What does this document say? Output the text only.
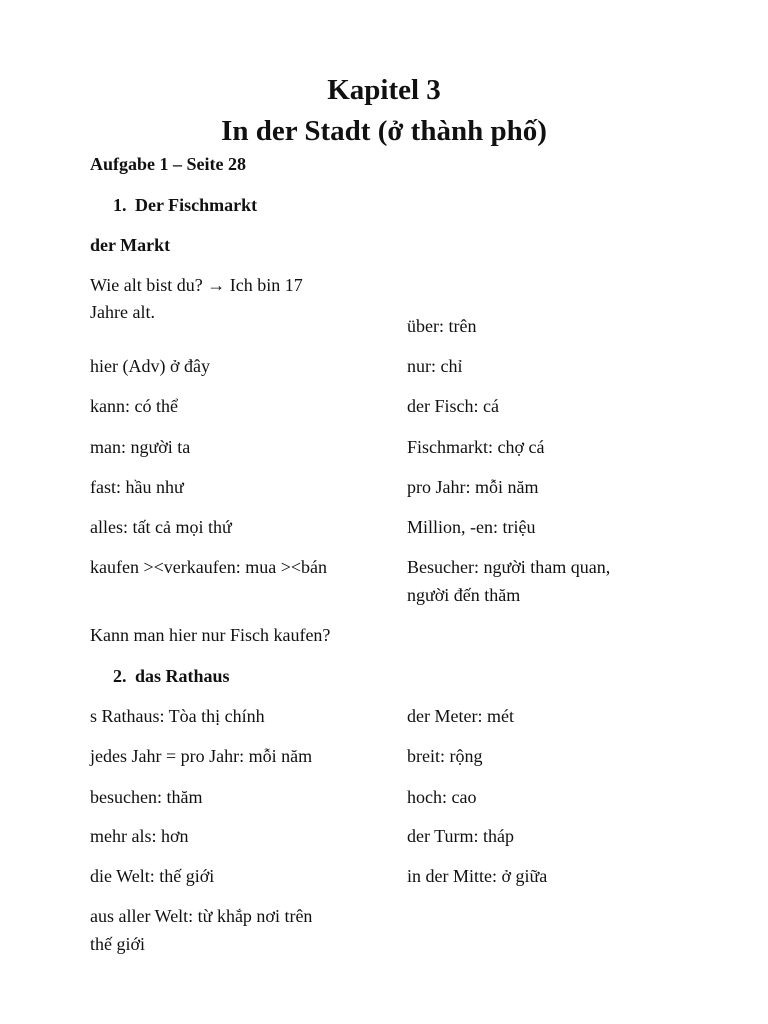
Kapitel 3
In der Stadt (ở thành phố)

Aufgabe 1 – Seite 28

1. Der Fischmarkt

der Markt

Wie alt bist du? → Ich bin 17

Jahre alt.

hier (Adv) ở đây

kann: có thể

man: người ta

fast: hầu như

alles: tất cả mọi thứ

kaufen ><verkaufen: mua ><bán

über: trên

nur: chỉ

der Fisch: cá

Fischmarkt: chợ cá

pro Jahr: mỗi năm

Million, -en: triệu

Besucher: người tham quan,

người đến thăm

Kann man hier nur Fisch kaufen?

2. das Rathaus

s Rathaus: Tòa thị chính

jedes Jahr = pro Jahr: mỗi năm

besuchen: thăm

mehr als: hơn

die Welt: thế giới

aus aller Welt: từ khắp nơi trên

thế giới

der Meter: mét

breit: rộng

hoch: cao

der Turm: tháp

in der Mitte: ở giữa
